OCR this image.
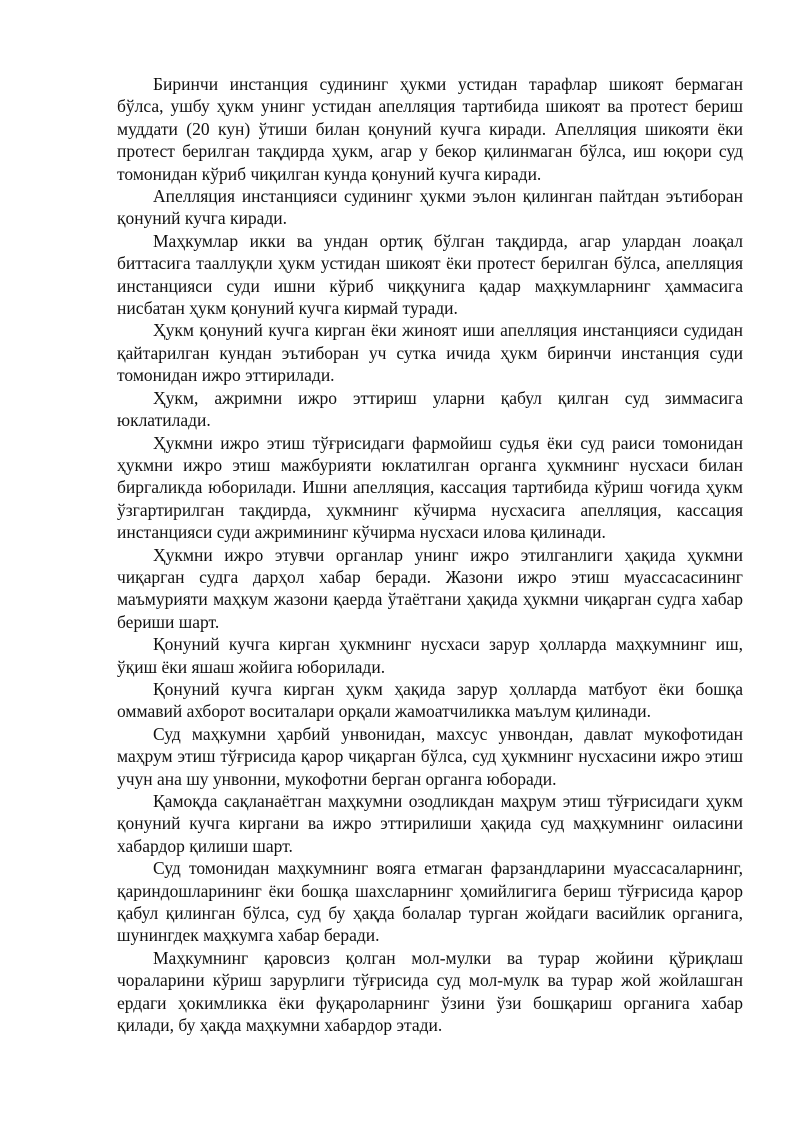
Биринчи инстанция судининг ҳукми устидан тарафлар шикоят бермаган бўлса, ушбу ҳукм унинг устидан апелляция тартибида шикоят ва протест бериш муддати (20 кун) ўтиши билан қонуний кучга киради. Апелляция шикояти ёки протест берилган тақдирда ҳукм, агар у бекор қилинмаган бўлса, иш юқори суд томонидан кўриб чиқилган кунда қонуний кучга киради.

Апелляция инстанцияси судининг ҳукми эълон қилинган пайтдан эътиборан қонуний кучга киради.

Маҳкумлар икки ва ундан ортиқ бўлган тақдирда, агар улардан лоақал биттасига тааллуқли ҳукм устидан шикоят ёки протест берилган бўлса, апелляция инстанцияси суди ишни кўриб чиққунига қадар маҳкумларнинг ҳаммасига нисбатан ҳукм қонуний кучга кирмай туради.

Ҳукм қонуний кучга кирган ёки жиноят иши апелляция инстанцияси судидан қайтарилган кундан эътиборан уч сутка ичида ҳукм биринчи инстанция суди томонидан ижро эттирилади.

Ҳукм, ажримни ижро эттириш уларни қабул қилган суд зиммасига юклатилади.

Ҳукмни ижро этиш тўғрисидаги фармойиш судья ёки суд раиси томонидан ҳукмни ижро этиш мажбурияти юклатилган органга ҳукмнинг нусхаси билан биргаликда юборилади. Ишни апелляция, кассация тартибида кўриш чоғида ҳукм ўзгартирилган тақдирда, ҳукмнинг кўчирма нусхасига апелляция, кассация инстанцияси суди ажримининг кўчирма нусхаси илова қилинади.

Ҳукмни ижро этувчи органлар унинг ижро этилганлиги ҳақида ҳукмни чиқарган судга дарҳол хабар беради. Жазони ижро этиш муассасасининг маъмурияти маҳкум жазони қаерда ўтаётгани ҳақида ҳукмни чиқарган судга хабар бериши шарт.

Қонуний кучга кирган ҳукмнинг нусхаси зарур ҳолларда маҳкумнинг иш, ўқиш ёки яшаш жойига юборилади.

Қонуний кучга кирган ҳукм ҳақида зарур ҳолларда матбуот ёки бошқа оммавий ахборот воситалари орқали жамоатчиликка маълум қилинади.

Суд маҳкумни ҳарбий унвонидан, махсус унвондан, давлат мукофотидан маҳрум этиш тўғрисида қарор чиқарган бўлса, суд ҳукмнинг нусхасини ижро этиш учун ана шу унвонни, мукофотни берган органга юборади.

Қамоқда сақланаётган маҳкумни озодликдан маҳрум этиш тўғрисидаги ҳукм қонуний кучга киргани ва ижро эттирилиши ҳақида суд маҳкумнинг оиласини хабардор қилиши шарт.

Суд томонидан маҳкумнинг вояга етмаган фарзандларини муассасаларнинг, қариндошларининг ёки бошқа шахсларнинг ҳомийлигига бериш тўғрисида қарор қабул қилинган бўлса, суд бу ҳақда болалар турган жойдаги васийлик органига, шунингдек маҳкумга хабар беради.

Маҳкумнинг қаровсиз қолган мол-мулки ва турар жойини қўриқлаш чораларини кўриш зарурлиги тўғрисида суд мол-мулк ва турар жой жойлашган ердаги ҳокимликка ёки фуқароларнинг ўзини ўзи бошқариш органига хабар қилади, бу ҳақда маҳкумни хабардор этади.
